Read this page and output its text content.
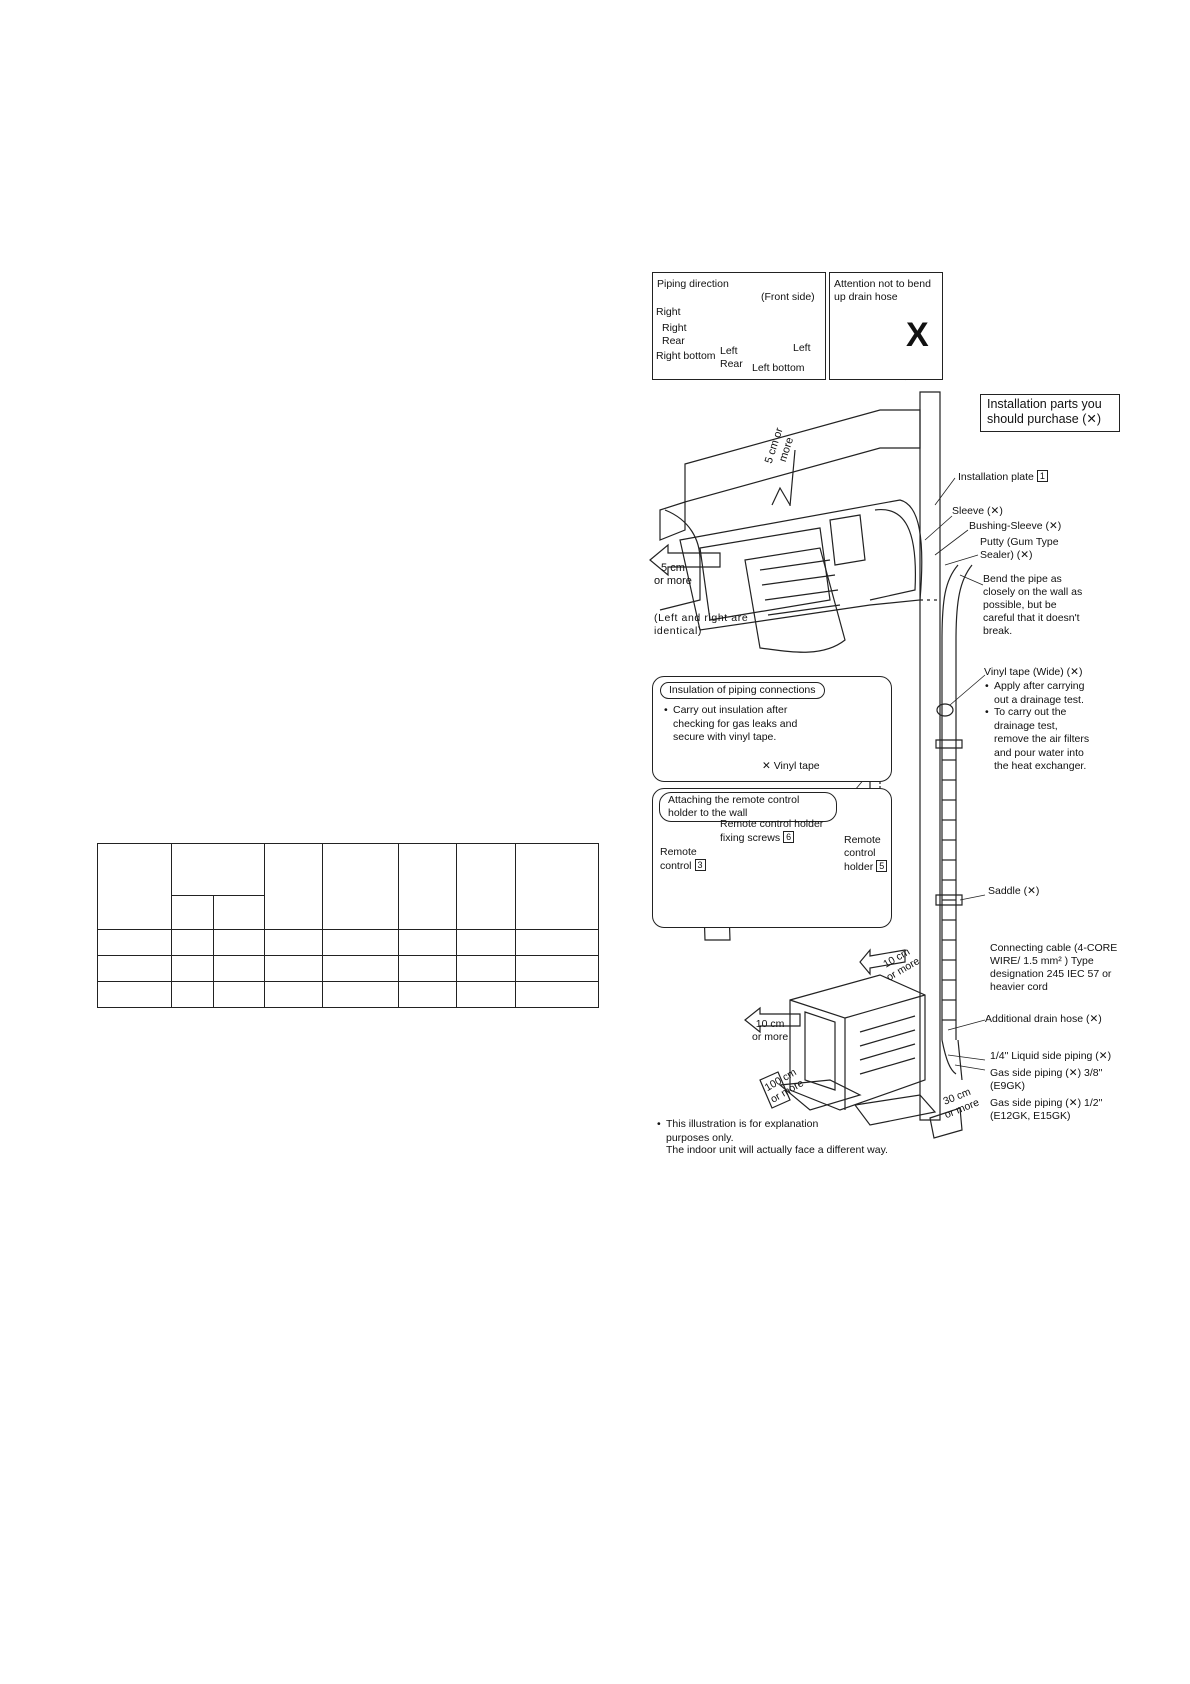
Piping direction
(Front side)
Right
Right
Rear
Right bottom Left
Rear
Left
Left bottom
Attention not to bend up drain hose
X
Installation parts you should purchase (✕)
5 cm or more
5 cm
or more
(Left and right are identical)
10 cm
or more
10 cm
or more
100 cm
or more	30 cm
or more
Installation plate 1
Sleeve (✕)
Bushing-Sleeve (✕)
Putty (Gum Type Sealer) (✕)
Bend the pipe as closely on the wall as possible, but be careful that it doesn't break.
Vinyl tape (Wide) (✕)
• Apply after carrying out a drainage test.
• To carry out the drainage test, remove the air filters and pour water into the heat exchanger.
Insulation of piping connections
• Carry out insulation after checking for gas leaks and secure with vinyl tape.
✕ Vinyl tape
Attaching the remote control holder to the wall
Remote control holder fixing screws 6
Remote control 3
Remote control holder 5
Saddle (✕)
Connecting cable (4-CORE WIRE/ 1.5 mm² ) Type designation 245 IEC 57 or heavier cord
Additional drain hose (✕)
1/4" Liquid side piping (✕)
Gas side piping (✕) 3/8" (E9GK)
Gas side piping (✕) 1/2" (E12GK, E15GK)
• This illustration is for explanation purposes only.
The indoor unit will actually face a different way.
